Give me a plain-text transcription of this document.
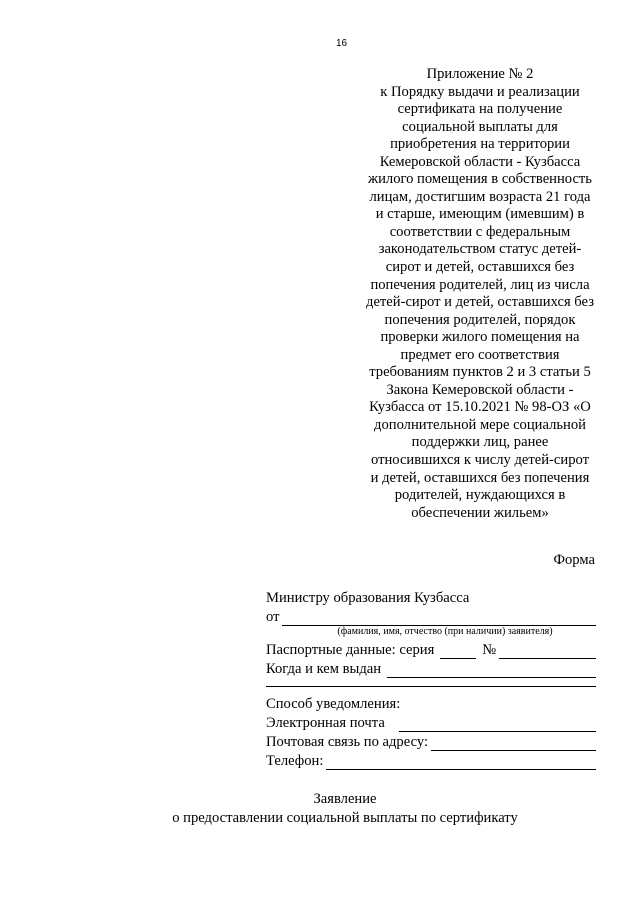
16
Приложение № 2
к Порядку выдачи и реализации
сертификата на получение
социальной выплаты для
приобретения на территории
Кемеровской области - Кузбасса
жилого помещения в собственность
лицам, достигшим возраста 21 года
и старше, имеющим (имевшим) в
соответствии с федеральным
законодательством статус детей-
сирот и детей, оставшихся без
попечения родителей, лиц из числа
детей-сирот и детей, оставшихся без
попечения родителей, порядок
проверки жилого помещения на
предмет его соответствия
требованиям пунктов 2 и 3 статьи 5
Закона Кемеровской области -
Кузбасса от 15.10.2021 № 98-ОЗ «О
дополнительной мере социальной
поддержки лиц, ранее
относившихся к числу детей-сирот
и детей, оставшихся без попечения
родителей, нуждающихся в
обеспечении жильем»
Форма
Министру образования Кузбасса
от
(фамилия, имя, отчество (при наличии) заявителя)
Паспортные данные: серия	№
Когда и кем выдан
Способ уведомления:
Электронная почта
Почтовая связь по адресу:
Телефон:
Заявление
о предоставлении социальной выплаты по сертификату
